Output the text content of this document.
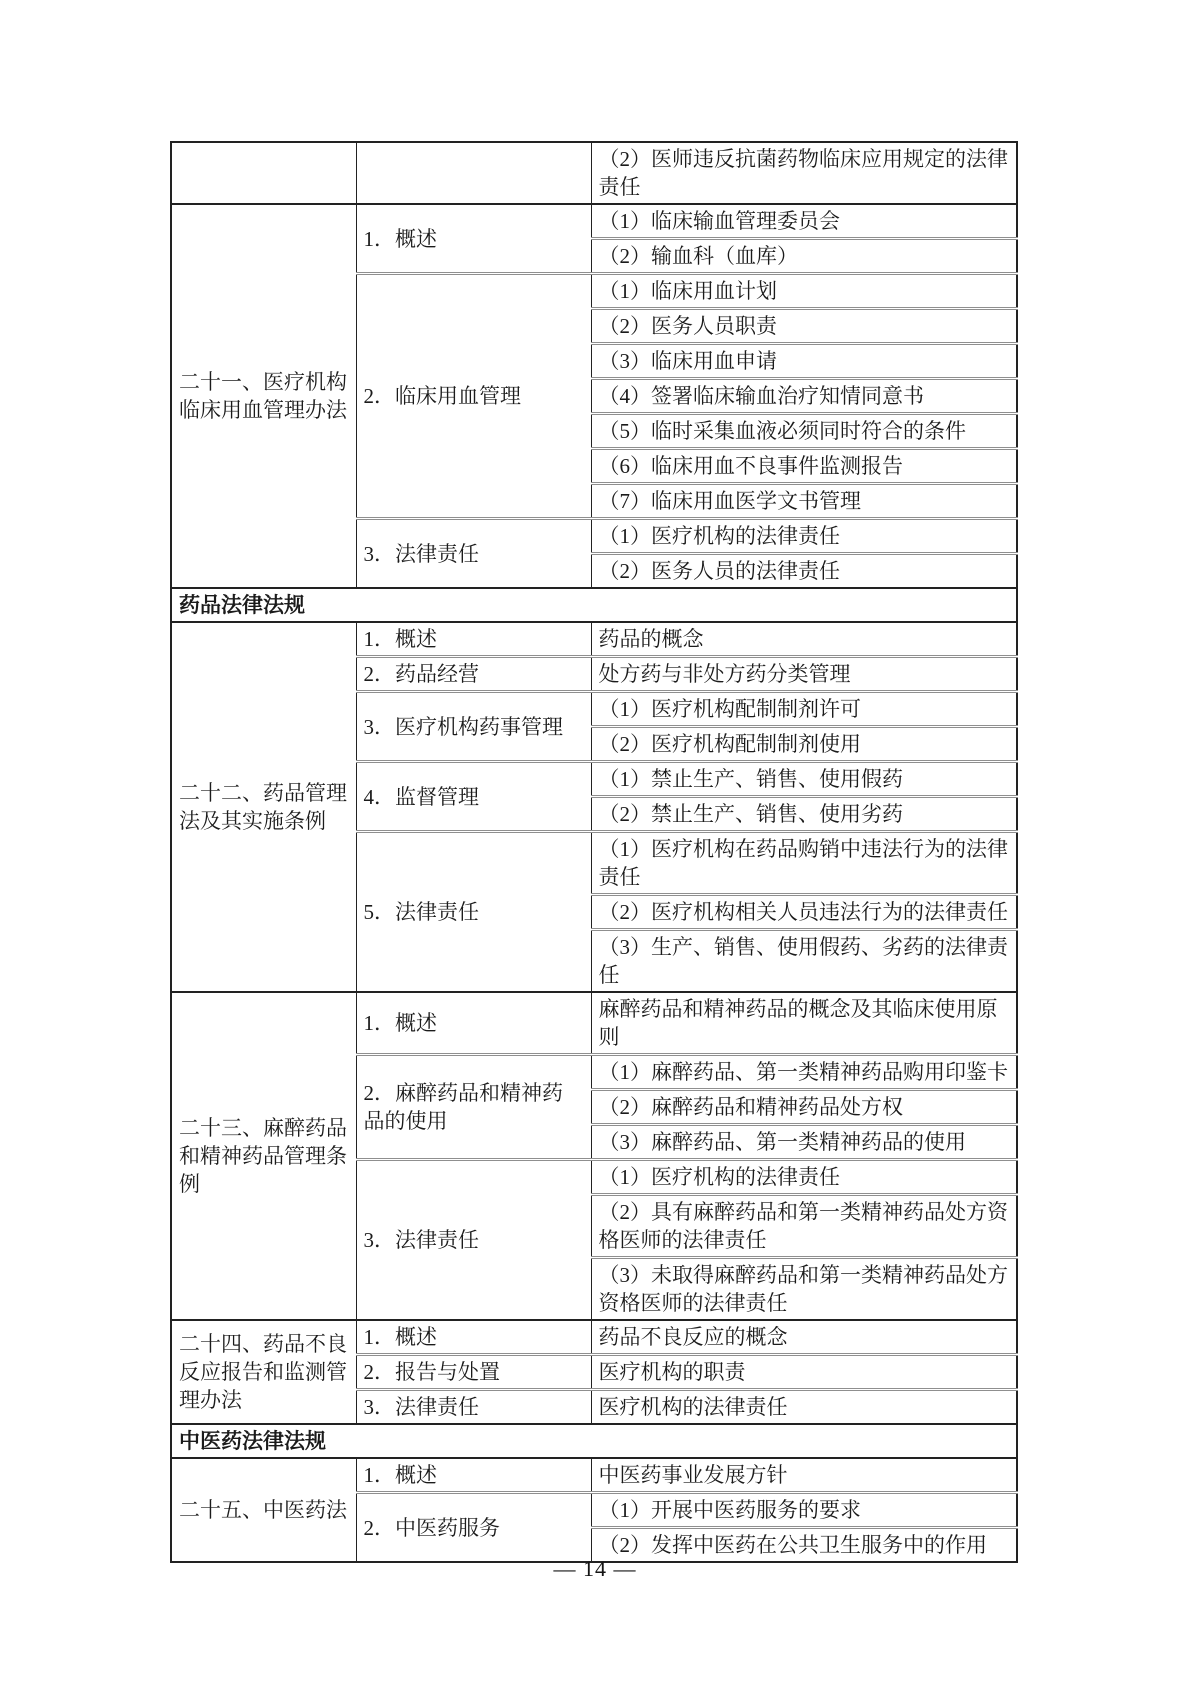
		（2）医师违反抗菌药物临床应用规定的法律责任
二十一、医疗机构临床用血管理办法	1．概述	（1）临床输血管理委员会
		（2）输血科（血库）
	2．临床用血管理	（1）临床用血计划
		（2）医务人员职责
		（3）临床用血申请
		（4）签署临床输血治疗知情同意书
		（5）临时采集血液必须同时符合的条件
		（6）临床用血不良事件监测报告
		（7）临床用血医学文书管理
	3．法律责任	（1）医疗机构的法律责任
		（2）医务人员的法律责任
药品法律法规		
二十二、药品管理法及其实施条例	1．概述	药品的概念
	2．药品经营	处方药与非处方药分类管理
	3．医疗机构药事管理	（1）医疗机构配制制剂许可
		（2）医疗机构配制制剂使用
	4．监督管理	（1）禁止生产、销售、使用假药
		（2）禁止生产、销售、使用劣药
	5．法律责任	（1）医疗机构在药品购销中违法行为的法律责任
		（2）医疗机构相关人员违法行为的法律责任
		（3）生产、销售、使用假药、劣药的法律责任
二十三、麻醉药品和精神药品管理条例	1．概述	麻醉药品和精神药品的概念及其临床使用原则
	2．麻醉药品和精神药品的使用	（1）麻醉药品、第一类精神药品购用印鉴卡
		（2）麻醉药品和精神药品处方权
		（3）麻醉药品、第一类精神药品的使用
	3．法律责任	（1）医疗机构的法律责任
		（2）具有麻醉药品和第一类精神药品处方资格医师的法律责任
		（3）未取得麻醉药品和第一类精神药品处方资格医师的法律责任
二十四、药品不良反应报告和监测管理办法	1．概述	药品不良反应的概念
	2．报告与处置	医疗机构的职责
	3．法律责任	医疗机构的法律责任
中医药法律法规		
二十五、中医药法	1．概述	中医药事业发展方针
	2．中医药服务	（1）开展中医药服务的要求
		（2）发挥中医药在公共卫生服务中的作用
— 14 —
